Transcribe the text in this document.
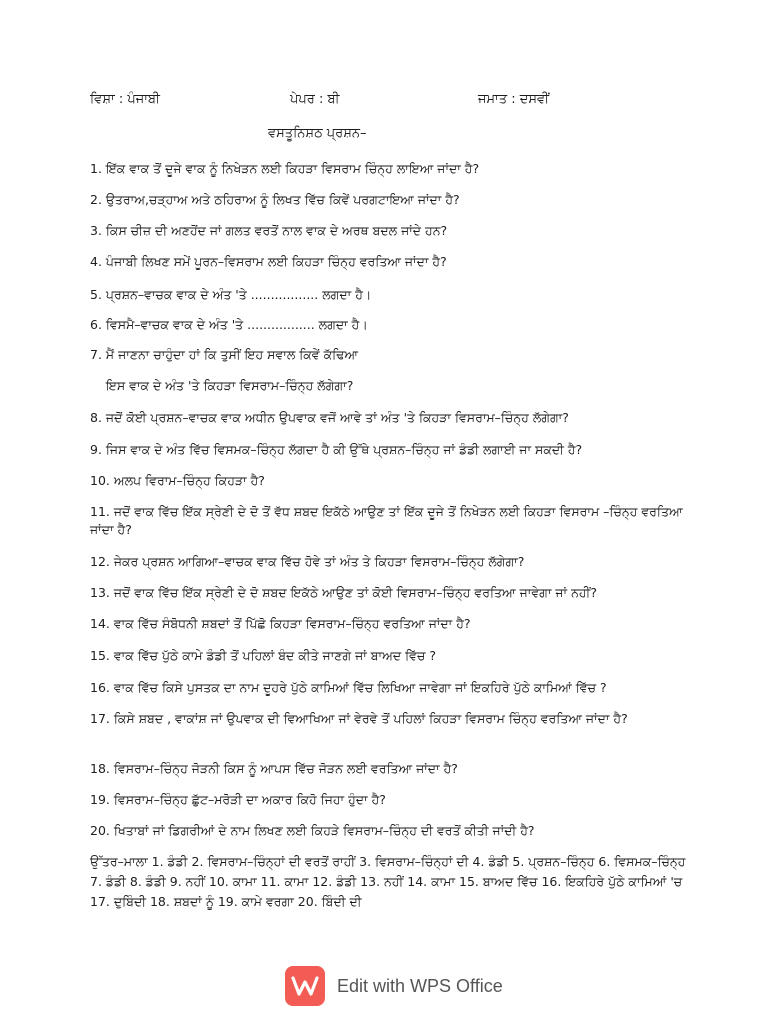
ਵਿਸ਼ਾ : ਪੰਜਾਬੀ	ਪੇਪਰ : ਬੀ	ਜਮਾਤ : ਦਸਵੀਂ
ਵਸਤੂਨਿਸ਼ਠ ਪ੍ਰਸ਼ਨ–
1. ਇੱਕ ਵਾਕ ਤੋਂ ਦੂਜੇ ਵਾਕ ਨੂੰ ਨਿਖੇੜਨ ਲਈ ਕਿਹੜਾ ਵਿਸਰਾਮ ਚਿੰਨ੍ਹ ਲਾਇਆ ਜਾਂਦਾ ਹੈ?
2. ਉਤਰਾਅ,ਚੜ੍ਹਾਅ ਅਤੇ ਠਹਿਰਾਅ ਨੂੰ ਲਿਖਤ ਵਿੱਚ ਕਿਵੇਂ ਪਰਗਟਾਇਆ ਜਾਂਦਾ ਹੈ?
3. ਕਿਸ ਚੀਜ਼ ਦੀ ਅਣਹੋਂਦ ਜਾਂ ਗਲਤ ਵਰਤੋਂ ਨਾਲ ਵਾਕ ਦੇ ਅਰਥ ਬਦਲ ਜਾਂਦੇ ਹਨ?
4. ਪੰਜਾਬੀ ਲਿਖਣ ਸਮੇਂ ਪੂਰਨ–ਵਿਸਰਾਮ ਲਈ ਕਿਹੜਾ ਚਿੰਨ੍ਹ ਵਰਤਿਆ ਜਾਂਦਾ ਹੈ?
5. ਪ੍ਰਸ਼ਨ–ਵਾਚਕ ਵਾਕ ਦੇ ਅੰਤ 'ਤੇ ................. ਲਗਦਾ ਹੈ।
6. ਵਿਸਮੈ–ਵਾਚਕ ਵਾਕ ਦੇ ਅੰਤ 'ਤੇ ................. ਲਗਦਾ ਹੈ।
7. ਮੈਂ ਜਾਣਨਾ ਚਾਹੁੰਦਾ ਹਾਂ ਕਿ ਤੁਸੀਂ ਇਹ ਸਵਾਲ ਕਿਵੇਂ ਕੱਢਿਆ
ਇਸ ਵਾਕ ਦੇ ਅੰਤ 'ਤੇ ਕਿਹੜਾ ਵਿਸਰਾਮ–ਚਿੰਨ੍ਹ ਲੱਗੇਗਾ?
8. ਜਦੋਂ ਕੋਈ ਪ੍ਰਸ਼ਨ–ਵਾਚਕ ਵਾਕ ਅਧੀਨ ਉਪਵਾਕ ਵਜੋਂ ਆਵੇ ਤਾਂ ਅੰਤ 'ਤੇ ਕਿਹੜਾ ਵਿਸਰਾਮ–ਚਿੰਨ੍ਹ ਲੱਗੇਗਾ?
9. ਜਿਸ ਵਾਕ ਦੇ ਅੰਤ ਵਿੱਚ ਵਿਸਮਕ–ਚਿੰਨ੍ਹ ਲੱਗਦਾ ਹੈ ਕੀ ਉੱਥੇ ਪ੍ਰਸ਼ਨ–ਚਿੰਨ੍ਹ ਜਾਂ ਡੰਡੀ ਲਗਾਈ ਜਾ ਸਕਦੀ ਹੈ?
10. ਅਲਪ ਵਿਰਾਮ–ਚਿੰਨ੍ਹ ਕਿਹੜਾ ਹੈ?
11. ਜਦੋਂ ਵਾਕ ਵਿੱਚ ਇੱਕ ਸ੍ਰੇਣੀ ਦੇ ਦੋ ਤੋਂ ਵੱਧ ਸ਼ਬਦ ਇਕੱਠੇ ਆਉਣ ਤਾਂ ਇੱਕ ਦੂਜੇ ਤੋਂ ਨਿਖੇੜਨ ਲਈ ਕਿਹੜਾ ਵਿਸਰਾਮ –ਚਿੰਨ੍ਹ ਵਰਤਿਆ ਜਾਂਦਾ ਹੈ?
12. ਜੇਕਰ ਪ੍ਰਸ਼ਨ ਆਗਿਆ–ਵਾਚਕ ਵਾਕ ਵਿੱਚ ਹੋਵੇ ਤਾਂ ਅੰਤ ਤੇ ਕਿਹੜਾ ਵਿਸਰਾਮ–ਚਿੰਨ੍ਹ ਲੱਗੇਗਾ?
13. ਜਦੋਂ ਵਾਕ ਵਿੱਚ ਇੱਕ ਸ੍ਰੇਣੀ ਦੇ ਦੋ ਸ਼ਬਦ ਇਕੱਠੇ ਆਉਣ ਤਾਂ ਕੋਈ ਵਿਸਰਾਮ–ਚਿੰਨ੍ਹ ਵਰਤਿਆ ਜਾਵੇਗਾ ਜਾਂ ਨਹੀਂ?
14. ਵਾਕ ਵਿੱਚ ਸੰਬੋਧਨੀ ਸ਼ਬਦਾਂ ਤੋਂ ਪਿੱਛੋ ਕਿਹੜਾ ਵਿਸਰਾਮ–ਚਿੰਨ੍ਹ ਵਰਤਿਆ ਜਾਂਦਾ ਹੈ?
15. ਵਾਕ ਵਿੱਚ ਪੁੱਠੇ ਕਾਮੇ ਡੰਡੀ ਤੋਂ ਪਹਿਲਾਂ ਬੰਦ ਕੀਤੇ ਜਾਣਗੇ ਜਾਂ ਬਾਅਦ ਵਿੱਚ ?
16. ਵਾਕ ਵਿੱਚ ਕਿਸੇ ਪੁਸਤਕ ਦਾ ਨਾਮ ਦੂਹਰੇ ਪੁੱਠੇ ਕਾਮਿਆਂ ਵਿੱਚ ਲਿਖਿਆ ਜਾਵੇਗਾ ਜਾਂ ਇਕਹਿਰੇ ਪੁੱਠੇ ਕਾਮਿਆਂ ਵਿੱਚ ?
17. ਕਿਸੇ ਸ਼ਬਦ , ਵਾਕਾਂਸ਼ ਜਾਂ ਉਪਵਾਕ ਦੀ ਵਿਆਖਿਆ ਜਾਂ ਵੇਰਵੇ ਤੋਂ ਪਹਿਲਾਂ ਕਿਹੜਾ ਵਿਸਰਾਮ ਚਿੰਨ੍ਹ ਵਰਤਿਆ ਜਾਂਦਾ ਹੈ?
18. ਵਿਸਰਾਮ–ਚਿੰਨ੍ਹ ਜੋੜਨੀ ਕਿਸ ਨੂੰ ਆਪਸ ਵਿੱਚ ਜੋੜਨ ਲਈ ਵਰਤਿਆ ਜਾਂਦਾ ਹੈ?
19. ਵਿਸਰਾਮ–ਚਿੰਨ੍ਹ ਛੁੱਟ–ਮਰੋੜੀ ਦਾ ਅਕਾਰ ਕਿਹੋ ਜਿਹਾ ਹੁੰਦਾ ਹੈ?
20. ਖਿਤਾਬਾਂ ਜਾਂ ਡਿਗਰੀਆਂ ਦੇ ਨਾਮ ਲਿਖਣ ਲਈ ਕਿਹੜੇ ਵਿਸਰਾਮ–ਚਿੰਨ੍ਹ ਦੀ ਵਰਤੋਂ ਕੀਤੀ ਜਾਂਦੀ ਹੈ?
ਉੱਤਰ–ਮਾਲਾ 1. ਡੰਡੀ 2. ਵਿਸਰਾਮ–ਚਿੰਨ੍ਹਾਂ ਦੀ ਵਰਤੋਂ ਰਾਹੀਂ 3. ਵਿਸਰਾਮ–ਚਿੰਨ੍ਹਾਂ ਦੀ 4. ਡੰਡੀ 5. ਪ੍ਰਸ਼ਨ–ਚਿੰਨ੍ਹ 6. ਵਿਸਮਕ–ਚਿੰਨ੍ਹ 7. ਡੰਡੀ 8. ਡੰਡੀ 9. ਨਹੀਂ 10. ਕਾਮਾ 11. ਕਾਮਾ 12. ਡੰਡੀ 13. ਨਹੀਂ 14. ਕਾਮਾ 15. ਬਾਅਦ ਵਿੱਚ 16. ਇਕਹਿਰੇ ਪੁੱਠੇ ਕਾਮਿਆਂ 'ਚ 17. ਦੁਬਿੰਦੀ 18. ਸ਼ਬਦਾਂ ਨੂੰ 19. ਕਾਮੇ ਵਰਗਾ 20. ਬਿੰਦੀ ਦੀ
Edit with WPS Office
